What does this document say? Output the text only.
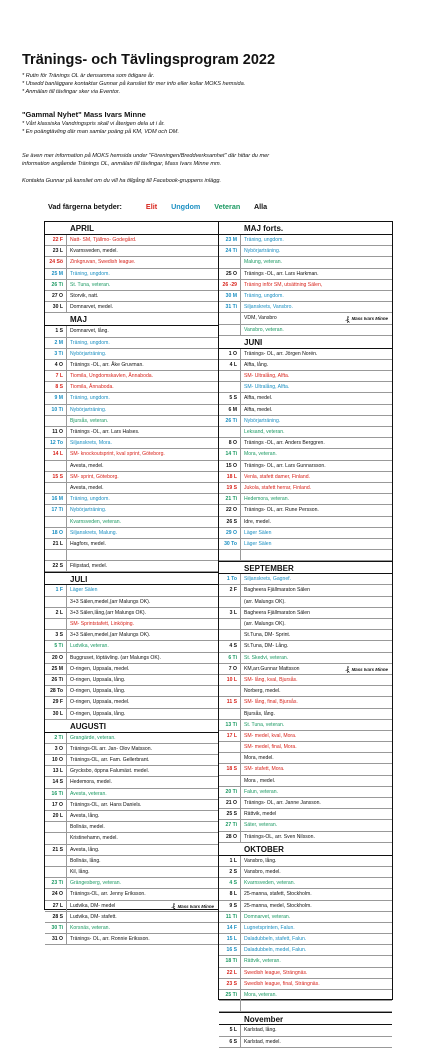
Tränings- och Tävlingsprogram 2022
* Rutin för Tränings OL är densamma som tidigare år.
* Utsedd banläggare kontaktar Gunnar på kansliet för mer info eller kollar MOKS hemsida.
* Anmälan till tävlingar sker via Eventor.
"Gammal Nyhet" Mass Ivars Minne
* Vårt klassiska Vandringspris skall vi återigen dela ut i år.
* En poängtävling där man samlar poäng på KM, VDM och DM.
Se även mer information på MOKS hemsida under "Föreningen/Breddverksamhet" där hittar du mer
information angående Tränings OL, anmälan till tävlingar, Mass Ivars Minne mm.
Kontakta Gunnar på kansliet om du vill ha tillgång till Facebook-gruppens inlägg.
Vad färgerna betyder:	Elit Ungdom Veteran Alla
APRIL
22 F	Natt- SM, Tjällmo- Godegård.
23 L	Kvarnsveden, medel.
24 Sö	Zinkgruvan, Swedish league.
25 M	Träning, ungdom.
26 Ti	St. Tuna, veteran.
27 O	Storvik, natt.
30 L	Domnarvet, medel.
MAJ
1 S	Domnarvet, lång.
2 M	Träning, ungdom.
3 Ti	Nybörjarträning.
4 O	Tränings -OL, arr. Åke Gruvman.
7 L	Tiomila, Ungdomskavlen, Ånnaboda.
8 S	Tiomila, Ånnaboda.
9 M	Träning, ungdom.
10 Ti	Nybörjarträning.
Bjursås, veteran.
11 O	Tränings -OL, arr. Lars Halses.
12 To	Siljanskrets, Mora.
14 L	SM- knockoutsprint, kval sprint, Göteborg.
Avesta, medel.
15 S	SM- sprint, Göteborg.
Avesta, medel.
16 M	Träning, ungdom.
17 Ti	Nybörjarträning.
Kvarnsveden, veteran.
18 O	Siljanskrets, Malung.
21 L	Hagfors, medel.
22 S	Filipstad, medel.
JULI
1 F	Läger Sälen
3+3 Sälen,medel,(arr Malungs OK).
2 L	3+3 Sälen,lång,(arr Malungs OK).
SM- Sprintstafett, Linköping.
3 S	3+3 Sälen,medel,(arr Malungs OK).
5 Ti	Ludvika, veteran.
20 O	Buggruset, löptävling. (arr Malungs OK).
25 M	O-ringen, Uppsala, medel.
26 Ti	O-ringen, Uppsala, lång.
28 To	O-ringen, Uppsala, lång.
29 F	O-ringen, Uppsala, medel.
30 L	O-ringen, Uppsala, lång.
AUGUSTI
2 Ti	Grangärde, veteran.
3 O	Tränings-OL arr. Jan- Olov Matsson.
10 O	Tränings-OL, arr. Fam. Gellerbrant.
13 L	Grycksbo, öppna Falumäst. medel.
14 S	Hedemora, medel.
16 Ti	Avesta, veteran.
17 O	Tränings-OL, arr. Hans Daniels.
20 L	Avesta, lång.
Bollnäs, medel.
Kristinehamn, medel.
21 S	Avesta, lång.
Bollnäs, lång.
Kil, lång.
23 Ti	Grängesberg, veteran.
24 O	Tränings-OL, arr. Jenny Eriksson.
27 L	Ludvika, DM- medel	Mass Ivars Minne
28 S	Ludvika, DM- stafett.
30 Ti	Korsnäs, veteran.
31 O	Tränings- OL, arr. Ronnie Eriksson.
MAJ forts.
23 M	Träning, ungdom.
24 Ti	Nybörjarträning.
Malung, veteran.
25 O	Tränings -OL, arr. Lars Harkman.
26 -29	Träning inför SM, utsättning Sälen,
30 M	Träning, ungdom.
31 Ti	Siljanskrets, Vansbro.
VDM, Vansbro	Mass Ivars Minne
Vansbro, veteran.
JUNI
1 O	Tränings- OL, arr. Jörgen Norén.
4 L	Alfta, lång.
SM- Ultralång, Alfta.
SM- Ultralång, Alfta.
5 S	Alfta, medel.
6 M	Alfta, medel.
26 Ti	Nybörjarträning.
Leksand, veteran.
8 O	Tränings -OL, arr. Anders Berggren.
14 Ti	Mora, veteran.
15 O	Tränings- OL, arr. Lars Gunnarsson.
18 L	Venla, stafett damer, Finland.
19 S	Jukola, stafett herrar, Finland.
21 Ti	Hedemora, veteran.
22 O	Tränings- OL, arr. Rune Persson.
26 S	Idre, medel.
29 O	Läger Sälen
30 To	Läger Sälen
SEPTEMBER
1 To	Siljanskrets, Gagnef.
2 F	Bagheera Fjällmaraton Sälen
(arr. Malungs OK).
3 L	Bagheera Fjällmaraton Sälen
(arr. Malungs OK).
St.Tuna, DM- Sprint.
4 S	St.Tuna, DM- Lång.
6 Ti	St. Skedvi, veteran.
7 O	KM,arr.Gunnar Mattsson	Mass Ivars Minne
10 L	SM- lång, kval, Bjursås.
Norberg, medel.
11 S	SM- lång, final, Bjursås.
Bjursås, lång.
13 Ti	St. Tuna, veteran.
17 L	SM- medel, kval, Mora.
SM- medel, final, Mora.
Mora, medel.
18 S	SM- stafett, Mora.
Mora , medel.
20 Ti	Falun, veteran.
21 O	Tränings- OL, arr. Janne Jansson.
25 S	Rättvik, medel
27 Ti	Säter, veteran.
28 O	Tränings-OL, arr. Sven Nilsson.
OKTOBER
1 L	Vansbro, lång.
2 S	Vansbro, medel.
4 S	Kvarnsveden, veteran.
8 L	25-manna, stafett, Stockholm.
9 S	25-manna, medel, Stockholm.
11 Ti	Domnarvet, veteran.
14 F	Lugnetsprinten, Falun.
15 L	Daladubbeln, stafett, Falun.
16 S	Daladubbeln, medel, Falun.
18 Ti	Rättvik, veteran.
22 L	Swedish league, Strängnäs.
23 S	Swedish league, final, Strängnäs.
25 Ti	Mora, veteran.
November
5 L	Karlstad, lång.
6 S	Karlstad, medel.
